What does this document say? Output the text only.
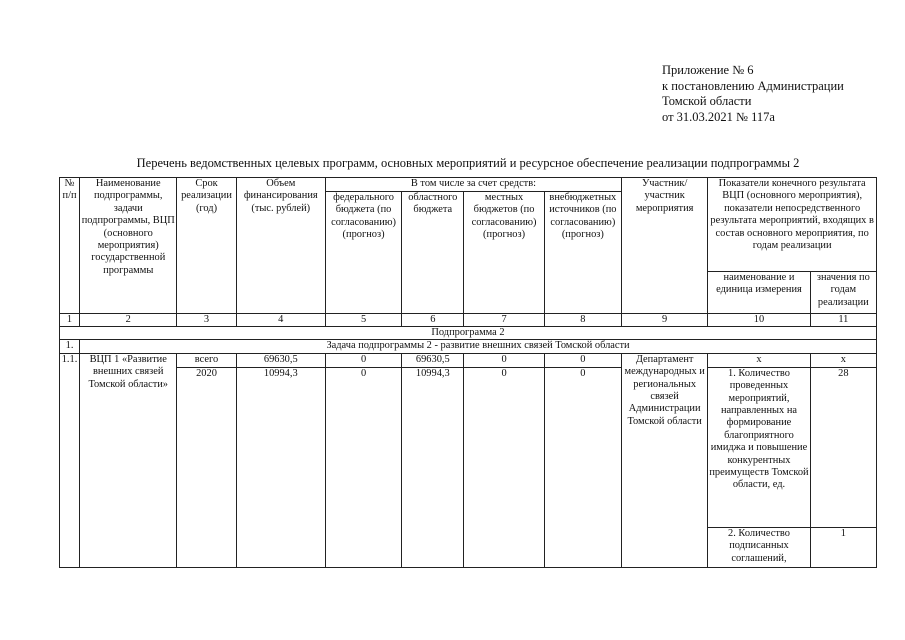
Приложение № 6
к постановлению Администрации
Томской области
от 31.03.2021 № 117а
Перечень ведомственных целевых программ, основных мероприятий и ресурсное обеспечение реализации подпрограммы 2
№ п/п	Наименование подпрограммы, задачи подпрограммы, ВЦП (основного мероприятия) государственной программы	Срок реализации (год)	Объем финансирования (тыс. рублей)	В том числе за счет средств:				Участник/ участник мероприятия	Показатели конечного результата ВЦП (основного мероприятия), показатели непосредственного результата мероприятий, входящих в состав основного мероприятия, по годам реализации	
				федерального бюджета (по согласованию) (прогноз)	областного бюджета	местных бюджетов (по согласованию) (прогноз)	внебюджетных источников (по согласованию) (прогноз)			
									наименование и единица измерения	значения по годам реализации
1	2	3	4	5	6	7	8	9	10	11
Подпрограмма 2										
1.	Задача подпрограммы 2 - развитие внешних связей Томской области									
1.1.	ВЦП 1 «Развитие внешних связей Томской области»	всего	69630,5	0	69630,5	0	0	Департамент международных и региональных связей Администрации Томской области	x	x
		2020	10994,3	0	10994,3	0	0		1. Количество проведенных мероприятий, направленных на формирование благоприятного имиджа и повышение конкурентных преимуществ Томской области, ед.	28
									2. Количество подписанных соглашений,	1
